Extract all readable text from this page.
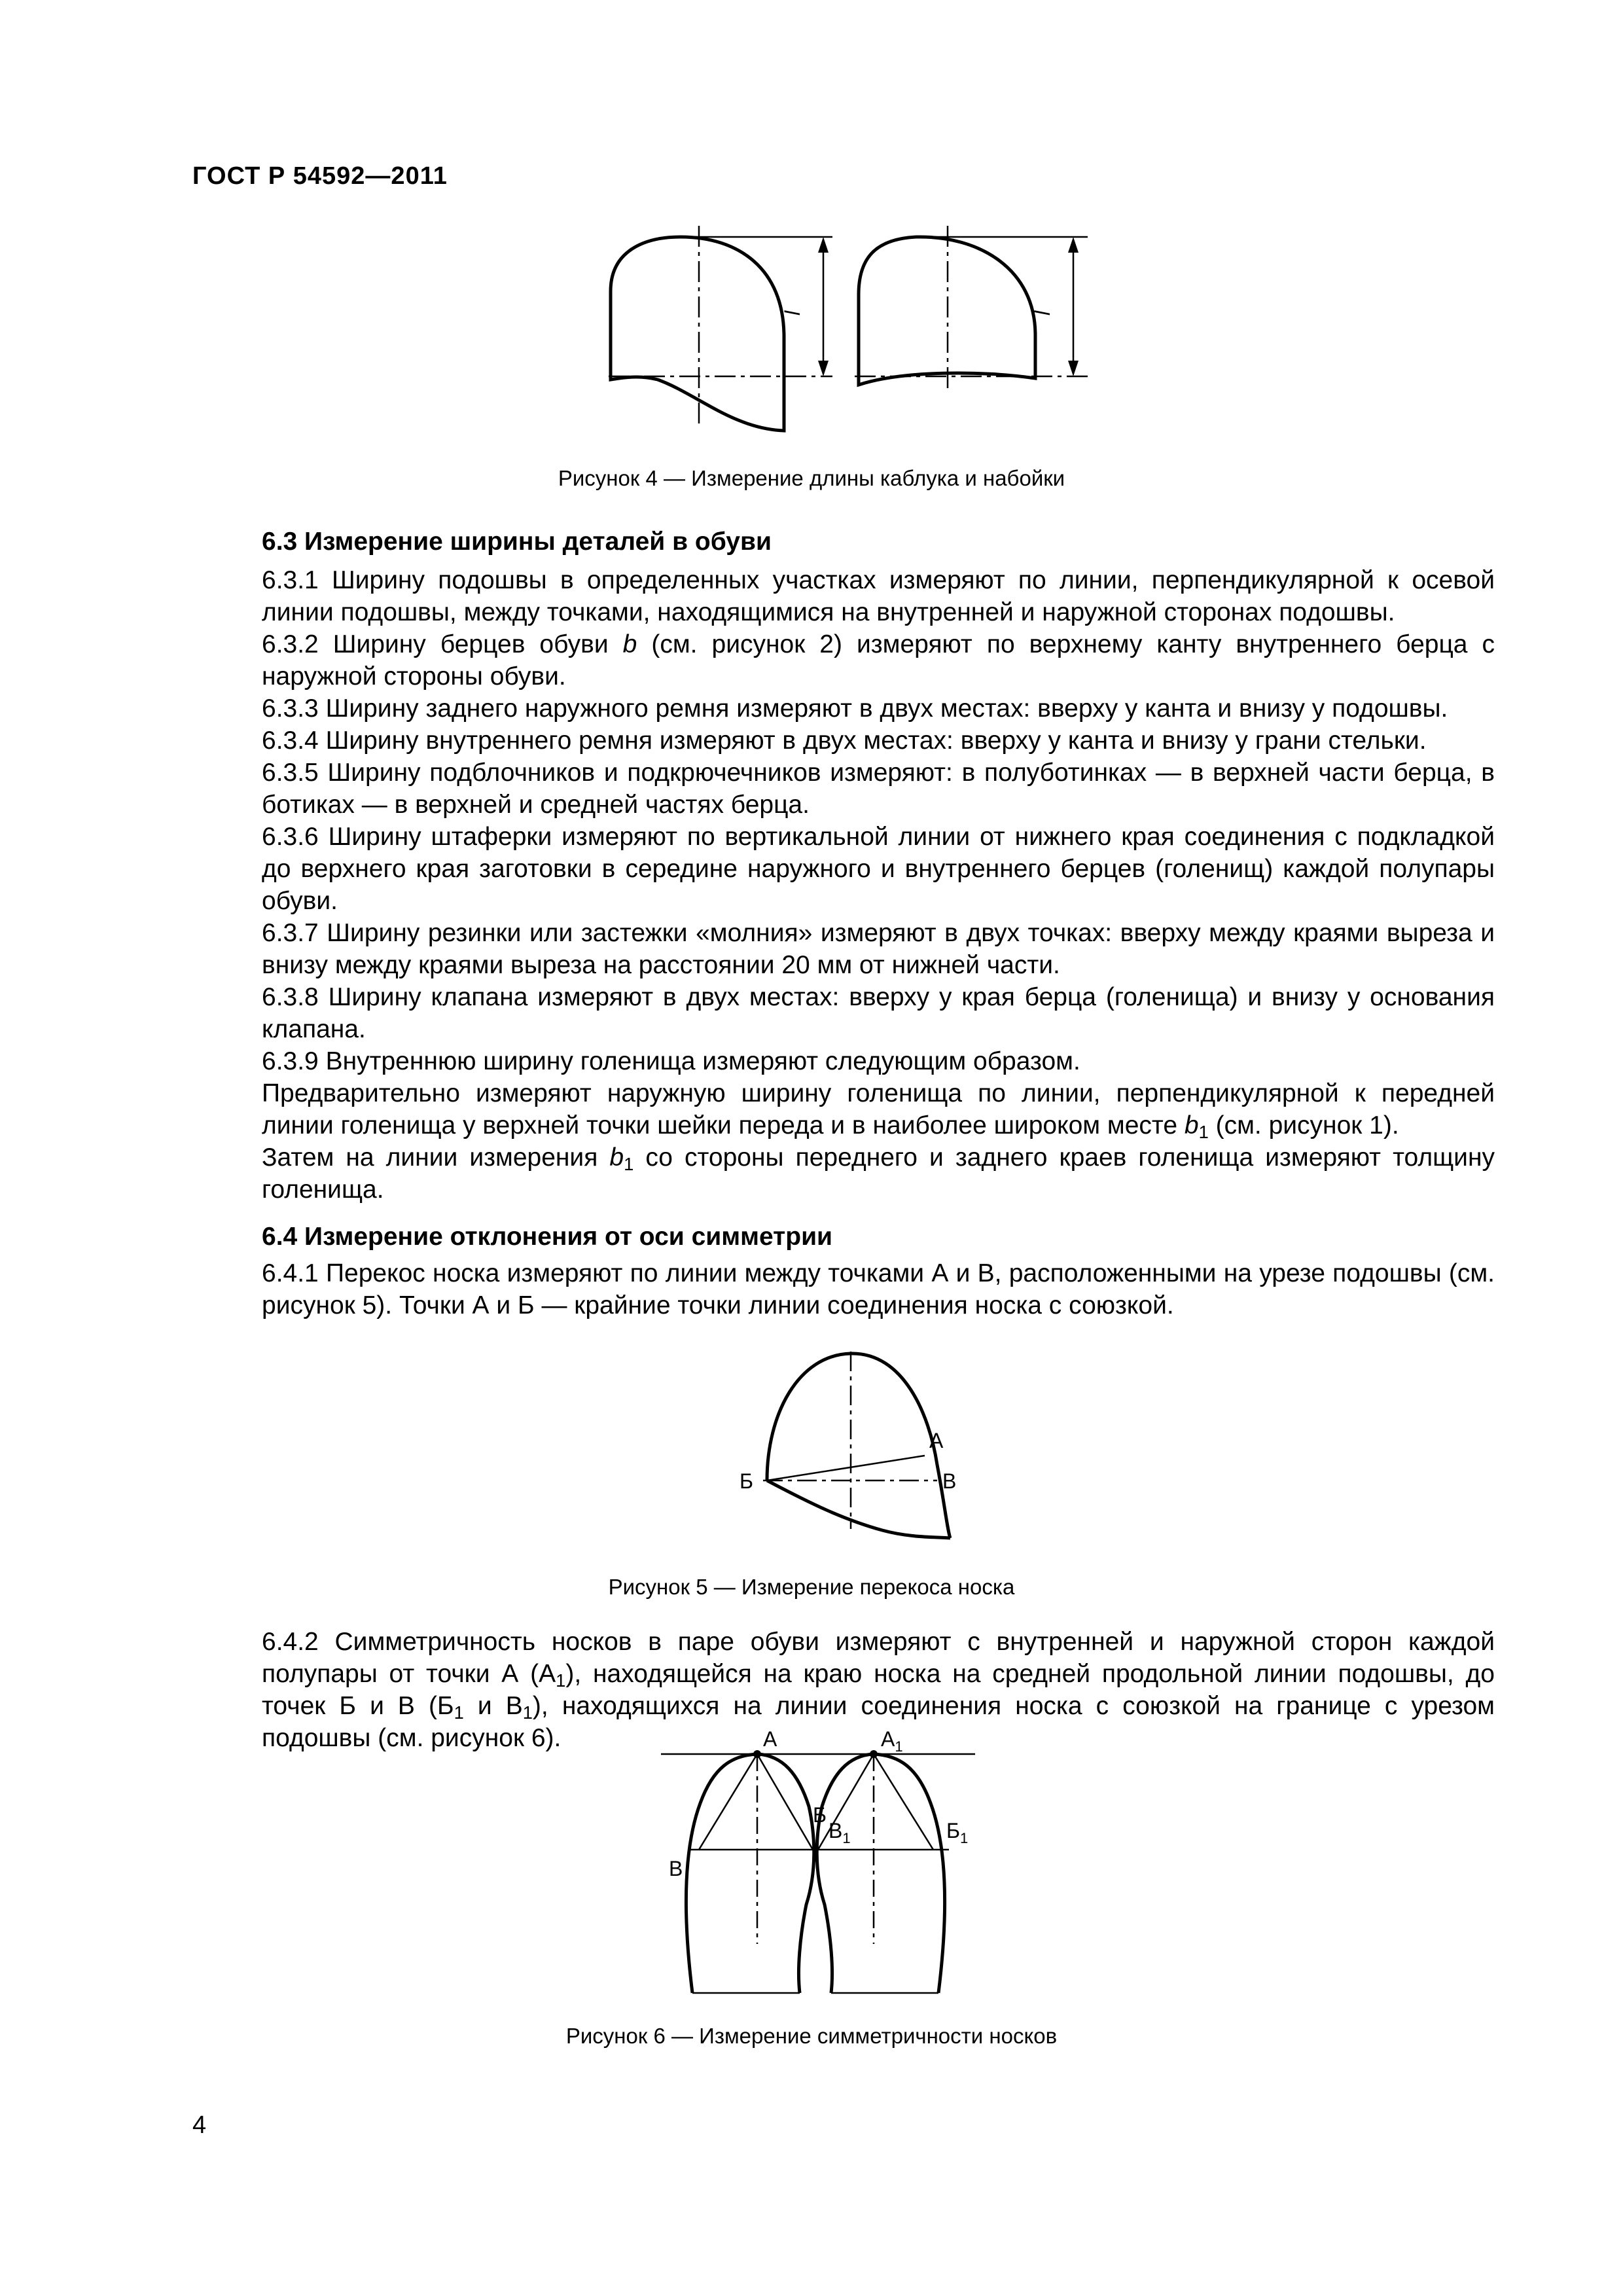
ГОСТ Р 54592—2011
l	l
Рисунок 4 — Измерение длины каблука и набойки
6.3 Измерение ширины деталей в обуви
6.3.1 Ширину подошвы в определенных участках измеряют по линии, перпендикулярной к осевой линии подошвы, между точками, находящимися на внутренней и наружной сторонах подошвы.
6.3.2 Ширину берцев обуви b (см. рисунок 2) измеряют по верхнему канту внутреннего берца с наружной стороны обуви.
6.3.3 Ширину заднего наружного ремня измеряют в двух местах: вверху у канта и внизу у подошвы.
6.3.4 Ширину внутреннего ремня измеряют в двух местах: вверху у канта и внизу у грани стельки.
6.3.5 Ширину подблочников и подкрючечников измеряют: в полуботинках — в верхней части берца, в ботиках — в верхней и средней частях берца.
6.3.6 Ширину штаферки измеряют по вертикальной линии от нижнего края соединения с подкладкой до верхнего края заготовки в середине наружного и внутреннего берцев (голенищ) каждой полупары обуви.
6.3.7 Ширину резинки или застежки «молния» измеряют в двух точках: вверху между краями выреза и внизу между краями выреза на расстоянии 20 мм от нижней части.
6.3.8 Ширину клапана измеряют в двух местах: вверху у края берца (голенища) и внизу у основания клапана.
6.3.9 Внутреннюю ширину голенища измеряют следующим образом.
Предварительно измеряют наружную ширину голенища по линии, перпендикулярной к передней линии голенища у верхней точки шейки переда и в наиболее широком месте $b_1$ (см. рисунок 1).
Затем на линии измерения $b_1$ со стороны переднего и заднего краев голенища измеряют толщину голенища.
6.4 Измерение отклонения от оси симметрии
6.4.1 Перекос носка измеряют по линии между точками А и В, расположенными на урезе подошвы (см. рисунок 5). Точки А и Б — крайние точки линии соединения носка с союзкой.
А
Б	В
Рисунок 5 — Измерение перекоса носка
6.4.2 Симметричность носков в паре обуви измеряют с внутренней и наружной сторон каждой полупары от точки А $(А_1)$, находящейся на краю носка на средней продольной линии подошвы, до точек Б и В ($Б_1$ и $В_1$), находящихся на линии соединения носка с союзкой на границе с урезом подошвы (см. рисунок 6).	А
Б
В
$А_1$
$В_1$	$Б_1$
Рисунок 6 — Измерение симметричности носков
4
